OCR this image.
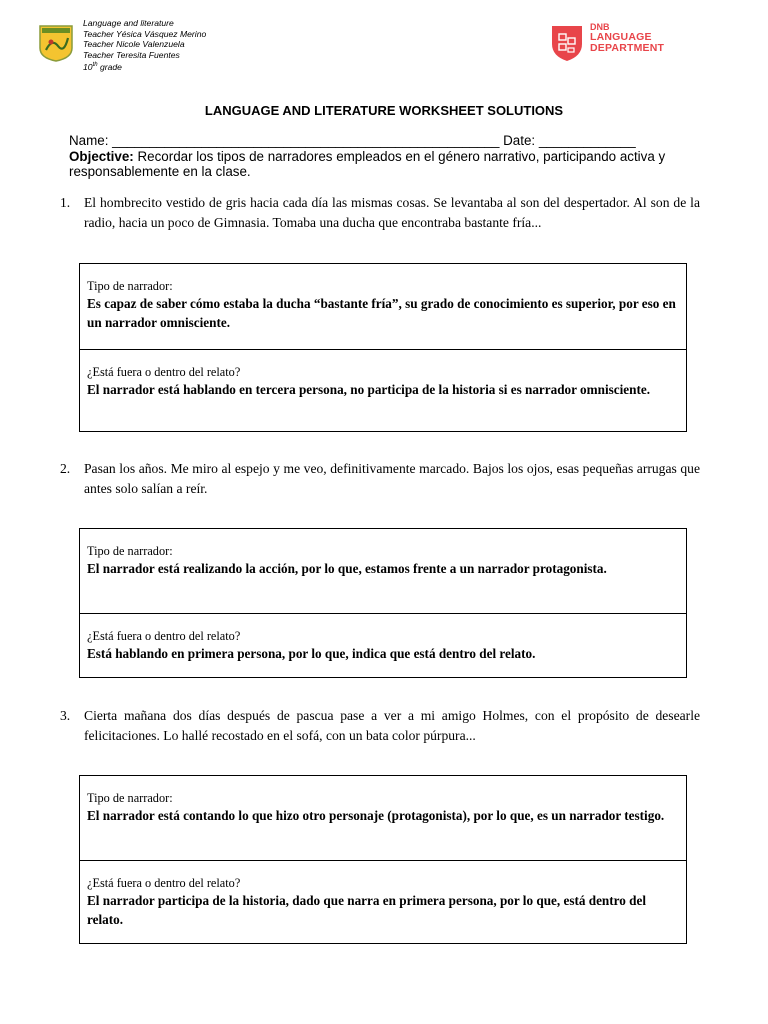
Language and literature
Teacher Yésica Vásquez Merino
Teacher Nicole Valenzuela
Teacher Teresita Fuentes
10th grade
DNB
LANGUAGE
DEPARTMENT
LANGUAGE AND LITERATURE WORKSHEET SOLUTIONS
Name: ____________________________________________________ Date: _____________
Objective: Recordar los tipos de narradores empleados en el género narrativo, participando activa y responsablemente en la clase.
1. El hombrecito vestido de gris hacia cada día las mismas cosas. Se levantaba al son del despertador. Al son de la radio, hacia un poco de Gimnasia. Tomaba una ducha que encontraba bastante fría...
Tipo de narrador:
Es capaz de saber cómo estaba la ducha “bastante fría”, su grado de conocimiento es superior, por eso en un narrador omnisciente.
¿Está fuera o dentro del relato?
El narrador está hablando en tercera persona, no participa de la historia si es narrador omnisciente.
2. Pasan los años. Me miro al espejo y me veo, definitivamente marcado. Bajos los ojos, esas pequeñas arrugas que antes solo salían a reír.
Tipo de narrador:
El narrador está realizando la acción, por lo que, estamos frente a un narrador protagonista.
¿Está fuera o dentro del relato?
Está hablando en primera persona, por lo que, indica que está dentro del relato.
3. Cierta mañana dos días después de pascua pase a ver a mi amigo Holmes, con el propósito de desearle felicitaciones. Lo hallé recostado en el sofá, con un bata color púrpura...
Tipo de narrador:
El narrador está contando lo que hizo otro personaje (protagonista), por lo que, es un narrador testigo.
¿Está fuera o dentro del relato?
El narrador participa de la historia, dado que narra en primera persona, por lo que, está dentro del relato.
